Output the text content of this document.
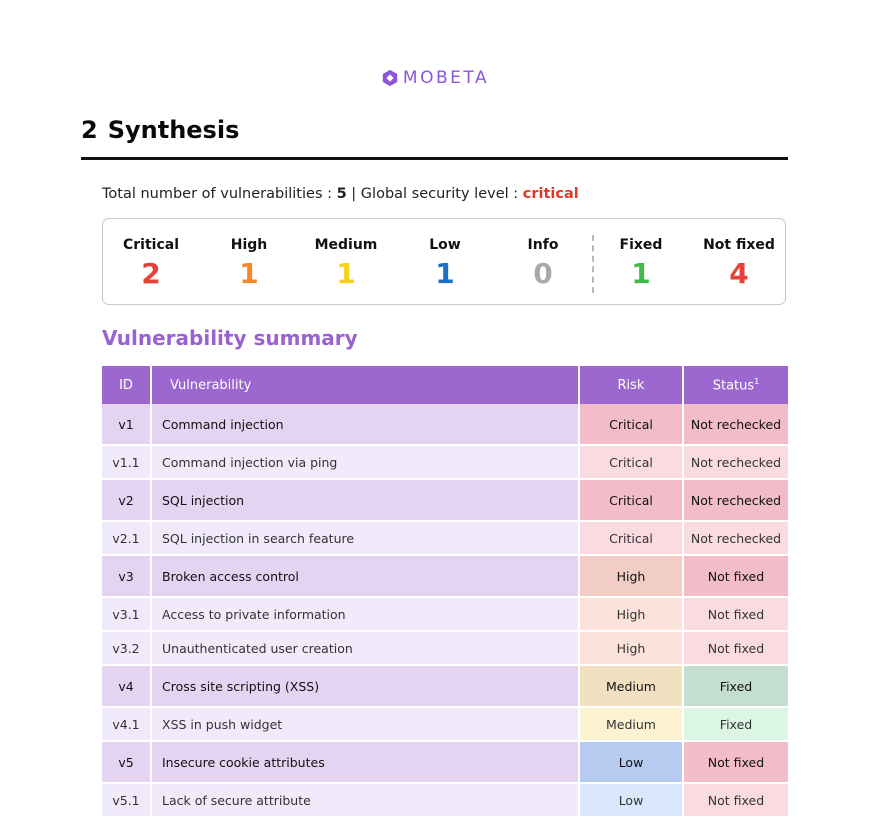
MOBETA
2 Synthesis
Total number of vulnerabilities : 5 | Global security level : critical
Critical
2
High
1
Medium
1
Low
1
Info
0
Fixed
1
Not fixed
4
Vulnerability summary
ID	Vulnerability	Risk	Status$^1$
v1	Command injection	Critical	Not rechecked
v1.1	Command injection via ping	Critical	Not rechecked
v2	SQL injection	Critical	Not rechecked
v2.1	SQL injection in search feature	Critical	Not rechecked
v3	Broken access control	High	Not fixed
v3.1	Access to private information	High	Not fixed
v3.2	Unauthenticated user creation	High	Not fixed
v4	Cross site scripting (XSS)	Medium	Fixed
v4.1	XSS in push widget	Medium	Fixed
v5	Insecure cookie attributes	Low	Not fixed
v5.1	Lack of secure attribute	Low	Not fixed
